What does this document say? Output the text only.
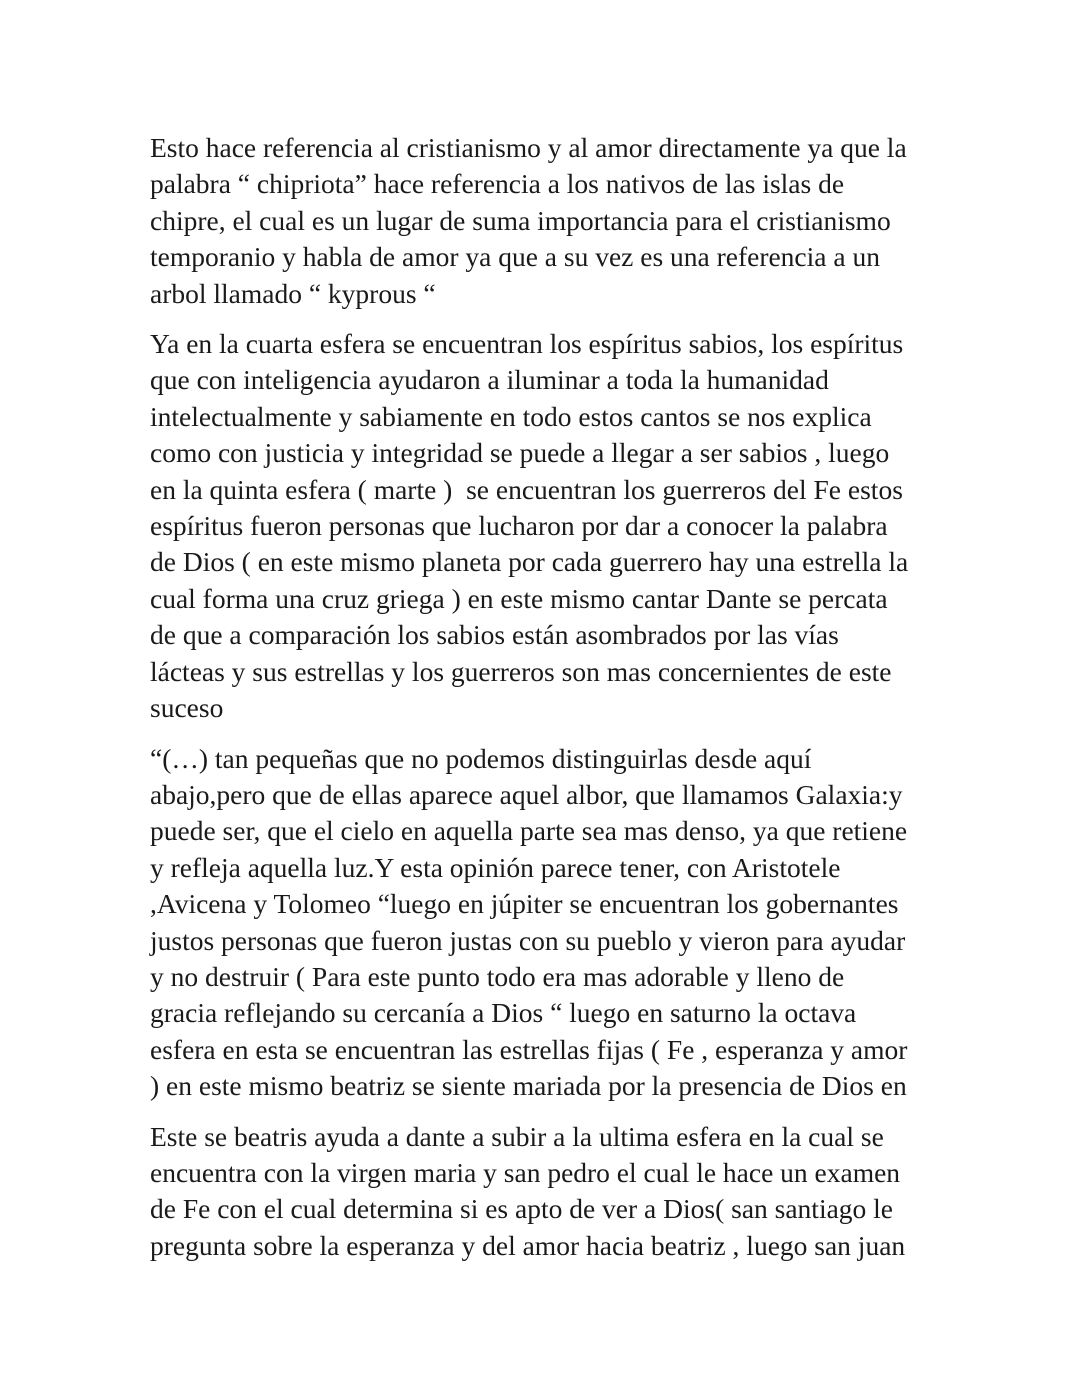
Esto hace referencia al cristianismo y al amor directamente ya que la
palabra “ chipriota” hace referencia a los nativos de las islas de
chipre, el cual es un lugar de suma importancia para el cristianismo
temporanio y habla de amor ya que a su vez es una referencia a un
arbol llamado “ kyprous “

Ya en la cuarta esfera se encuentran los espíritus sabios, los espíritus
que con inteligencia ayudaron a iluminar a toda la humanidad
intelectualmente y sabiamente en todo estos cantos se nos explica
como con justicia y integridad se puede a llegar a ser sabios , luego
en la quinta esfera ( marte )  se encuentran los guerreros del Fe estos
espíritus fueron personas que lucharon por dar a conocer la palabra
de Dios ( en este mismo planeta por cada guerrero hay una estrella la
cual forma una cruz griega ) en este mismo cantar Dante se percata
de que a comparación los sabios están asombrados por las vías
lácteas y sus estrellas y los guerreros son mas concernientes de este
suceso

“(…) tan pequeñas que no podemos distinguirlas desde aquí
abajo,pero que de ellas aparece aquel albor, que llamamos Galaxia:y
puede ser, que el cielo en aquella parte sea mas denso, ya que retiene
y refleja aquella luz.Y esta opinión parece tener, con Aristotele
,Avicena y Tolomeo “luego en júpiter se encuentran los gobernantes
justos personas que fueron justas con su pueblo y vieron para ayudar
y no destruir ( Para este punto todo era mas adorable y lleno de
gracia reflejando su cercanía a Dios “ luego en saturno la octava
esfera en esta se encuentran las estrellas fijas ( Fe , esperanza y amor
) en este mismo beatriz se siente mariada por la presencia de Dios en

Este se beatris ayuda a dante a subir a la ultima esfera en la cual se
encuentra con la virgen maria y san pedro el cual le hace un examen
de Fe con el cual determina si es apto de ver a Dios( san santiago le
pregunta sobre la esperanza y del amor hacia beatriz , luego san juan
